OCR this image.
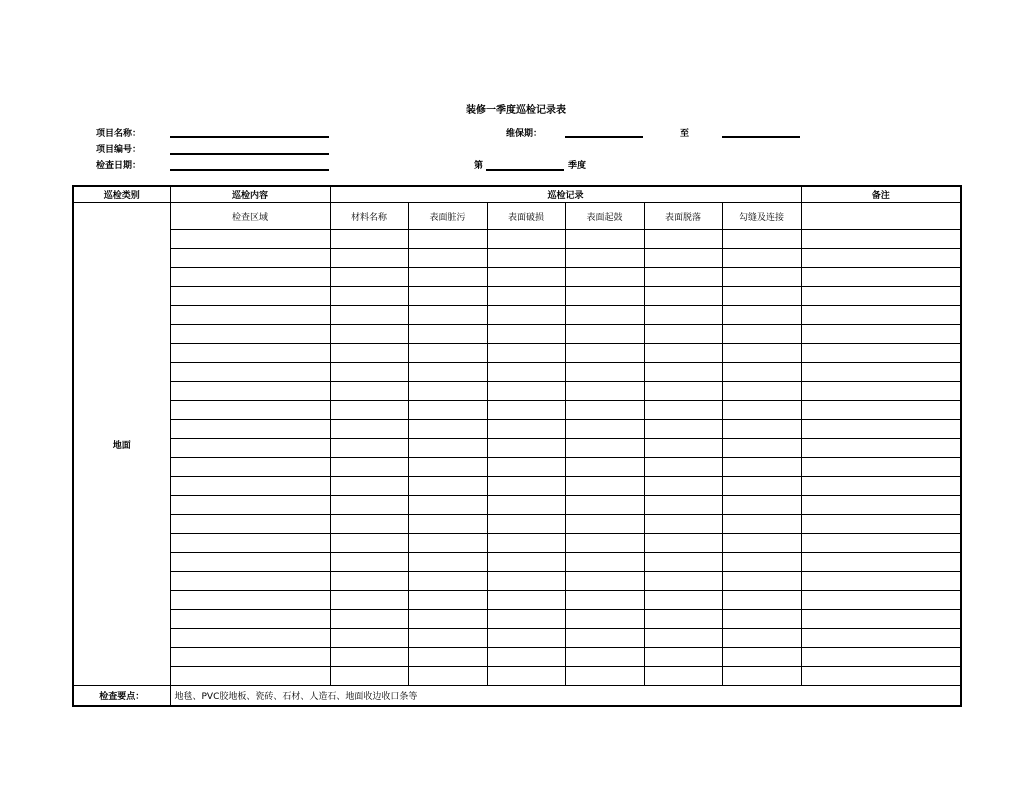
装修一季度巡检记录表
项目名称：
项目编号：
检查日期：
维保期：	至
第	季度
巡检类别	巡检内容	巡检记录						备注
地面	检查区域	材料名称	表面脏污	表面破损	表面起鼓	表面脱落	勾缝及连接	

检查要点：	地毯、PVC胶地板、瓷砖、石材、人造石、地面收边收口条等							
